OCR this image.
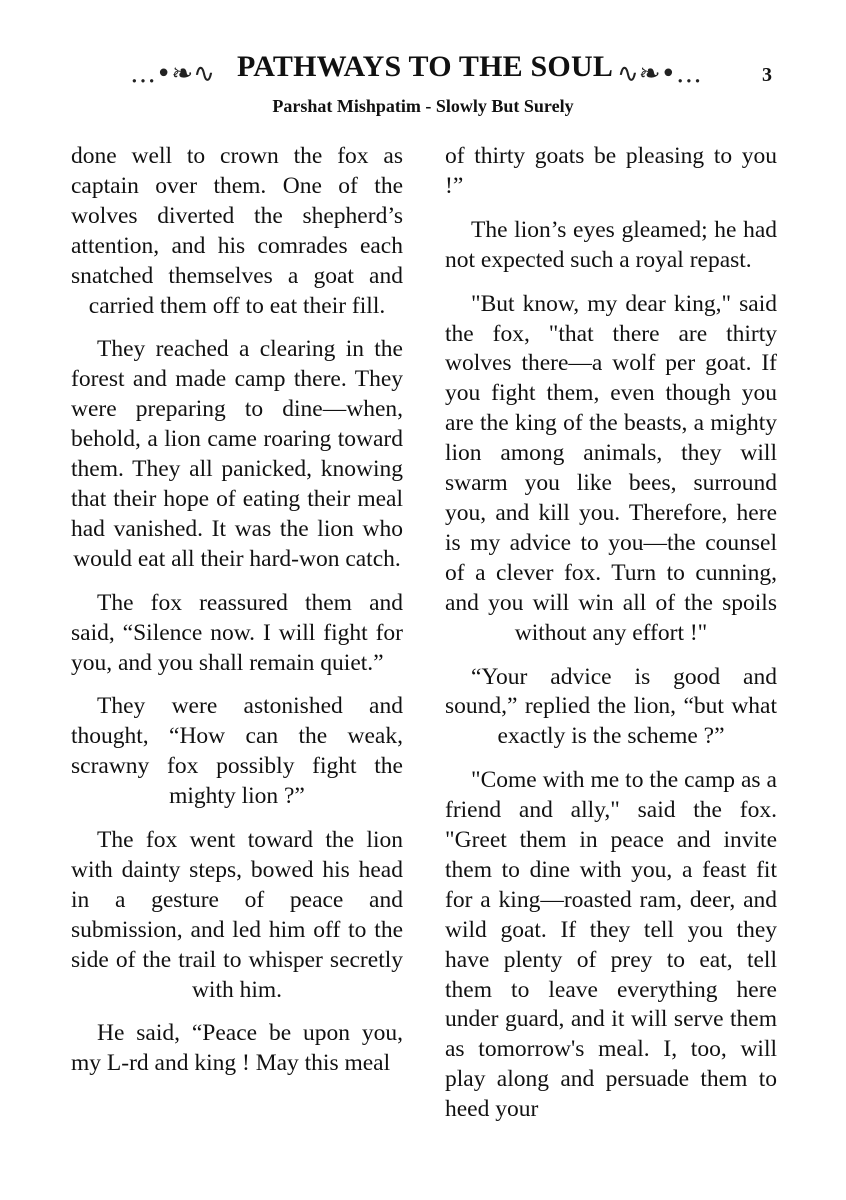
…•❧∿ PATHWAYS TO THE SOUL ∿❧•…	3
Parshat Mishpatim - Slowly But Surely

done well to crown the fox as captain over them. One of the wolves diverted the shepherd’s attention, and his comrades each snatched themselves a goat and carried them off to eat their fill.

They reached a clearing in the forest and made camp there. They were preparing to dine—when, behold, a lion came roaring toward them. They all panicked, knowing that their hope of eating their meal had vanished. It was the lion who would eat all their hard-won catch.

The fox reassured them and said, “Silence now. I will fight for you, and you shall remain quiet.”

They were astonished and thought, “How can the weak, scrawny fox possibly fight the mighty lion ?”

The fox went toward the lion with dainty steps, bowed his head in a gesture of peace and submission, and led him off to the side of the trail to whisper secretly with him.

He said, “Peace be upon you, my L-rd and king ! May this meal

of thirty goats be pleasing to you !”

The lion’s eyes gleamed; he had not expected such a royal repast.

"But know, my dear king," said the fox, "that there are thirty wolves there—a wolf per goat. If you fight them, even though you are the king of the beasts, a mighty lion among animals, they will swarm you like bees, surround you, and kill you. Therefore, here is my advice to you—the counsel of a clever fox. Turn to cunning, and you will win all of the spoils without any effort !"

“Your advice is good and sound,” replied the lion, “but what exactly is the scheme ?”

"Come with me to the camp as a friend and ally," said the fox. "Greet them in peace and invite them to dine with you, a feast fit for a king—roasted ram, deer, and wild goat. If they tell you they have plenty of prey to eat, tell them to leave everything here under guard, and it will serve them as tomorrow's meal. I, too, will play along and persuade them to heed your
